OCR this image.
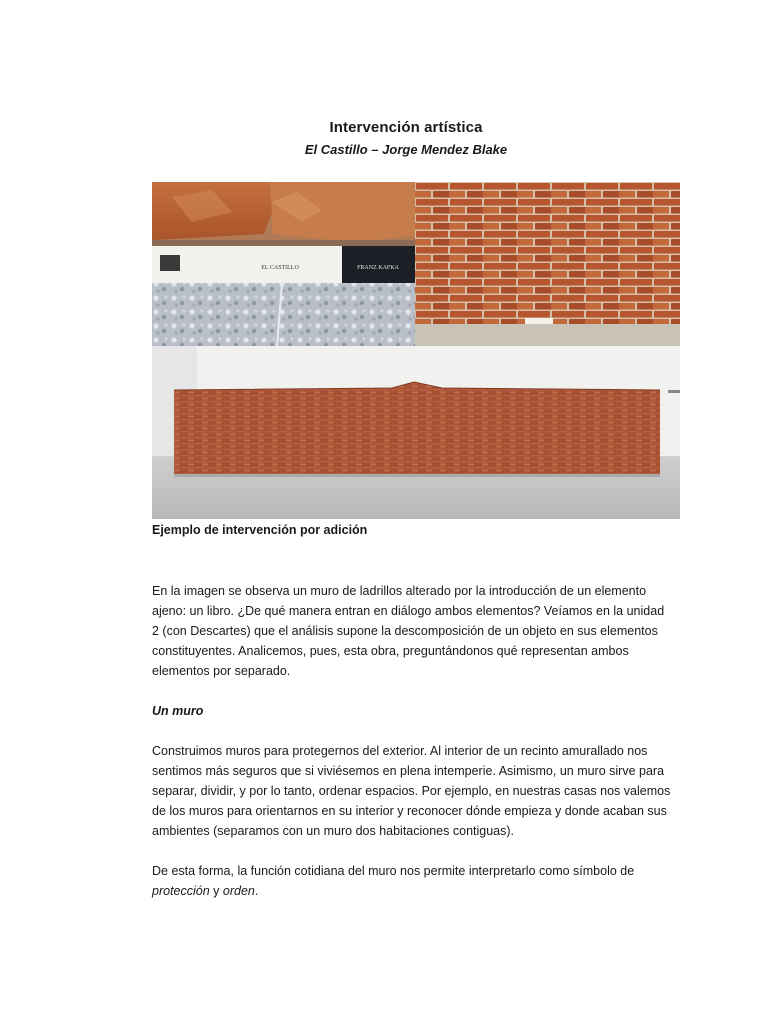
Intervención artística
El Castillo – Jorge Mendez Blake
EL CASTILLO	FRANZ KAFKA
Ejemplo de intervención por adición

En la imagen se observa un muro de ladrillos alterado por la introducción de un elemento ajeno: un libro. ¿De qué manera entran en diálogo ambos elementos? Veíamos en la unidad 2 (con Descartes) que el análisis supone la descomposición de un objeto en sus elementos constituyentes. Analicemos, pues, esta obra, preguntándonos qué representan ambos elementos por separado.

Un muro

Construimos muros para protegernos del exterior. Al interior de un recinto amurallado nos sentimos más seguros que si viviésemos en plena intemperie. Asimismo, un muro sirve para separar, dividir, y por lo tanto, ordenar espacios. Por ejemplo, en nuestras casas nos valemos de los muros para orientarnos en su interior y reconocer dónde empieza y donde acaban sus ambientes (separamos con un muro dos habitaciones contiguas).

De esta forma, la función cotidiana del muro nos permite interpretarlo como símbolo de protección y orden.
